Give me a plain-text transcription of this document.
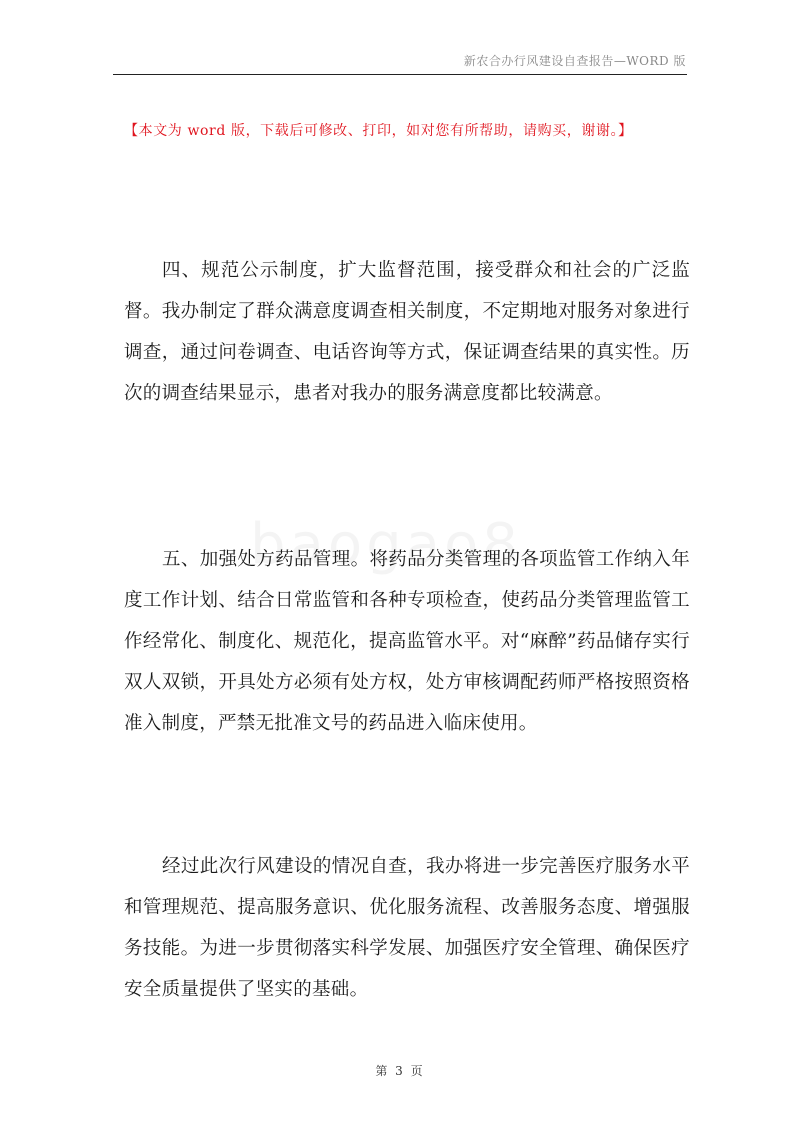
新农合办行风建设自查报告—WORD 版
【本文为 word 版，下载后可修改、打印，如对您有所帮助，请购买，谢谢。】

四、规范公示制度，扩大监督范围，接受群众和社会的广泛监督。我办制定了群众满意度调查相关制度，不定期地对服务对象进行调查，通过问卷调查、电话咨询等方式，保证调查结果的真实性。历次的调查结果显示，患者对我办的服务满意度都比较满意。

五、加强处方药品管理。将药品分类管理的各项监管工作纳入年度工作计划、结合日常监管和各种专项检查，使药品分类管理监管工作经常化、制度化、规范化，提高监管水平。对“麻醉”药品储存实行双人双锁，开具处方必须有处方权，处方审核调配药师严格按照资格准入制度，严禁无批准文号的药品进入临床使用。

经过此次行风建设的情况自查，我办将进一步完善医疗服务水平和管理规范、提高服务意识、优化服务流程、改善服务态度、增强服务技能。为进一步贯彻落实科学发展、加强医疗安全管理、确保医疗安全质量提供了坚实的基础。

第 3 页
